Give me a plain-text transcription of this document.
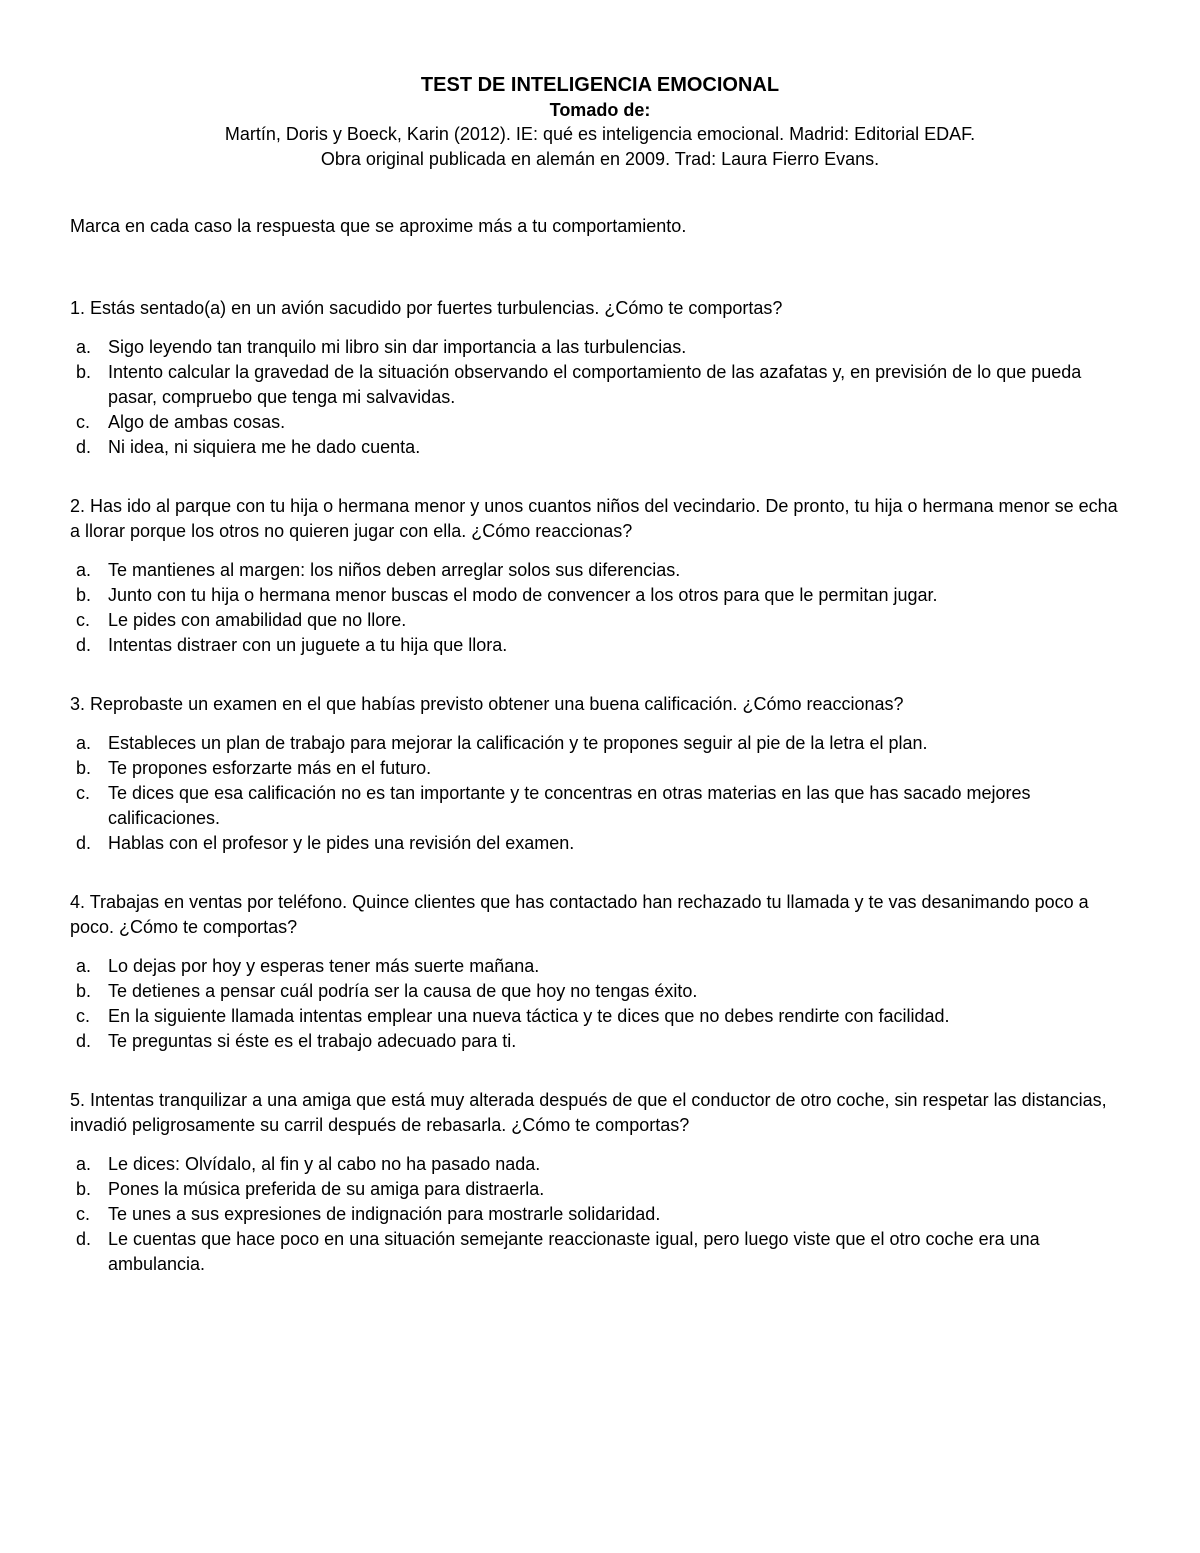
TEST DE INTELIGENCIA EMOCIONAL

Tomado de:

Martín, Doris y Boeck, Karin (2012). IE: qué es inteligencia emocional. Madrid: Editorial EDAF.

Obra original publicada en alemán en 2009. Trad: Laura Fierro Evans.

Marca en cada caso la respuesta que se aproxime más a tu comportamiento.

1. Estás sentado(a) en un avión sacudido por fuertes turbulencias. ¿Cómo te comportas?

a. Sigo leyendo tan tranquilo mi libro sin dar importancia a las turbulencias.
b. Intento calcular la gravedad de la situación observando el comportamiento de las azafatas y, en previsión de lo que pueda pasar, compruebo que tenga mi salvavidas.
c. Algo de ambas cosas.
d. Ni idea, ni siquiera me he dado cuenta.

2. Has ido al parque con tu hija o hermana menor y unos cuantos niños del vecindario. De pronto, tu hija o hermana menor se echa a llorar porque los otros no quieren jugar con ella. ¿Cómo reaccionas?

a. Te mantienes al margen: los niños deben arreglar solos sus diferencias.
b. Junto con tu hija o hermana menor buscas el modo de convencer a los otros para que le permitan jugar.
c. Le pides con amabilidad que no llore.
d. Intentas distraer con un juguete a tu hija que llora.

3. Reprobaste un examen en el que habías previsto obtener una buena calificación. ¿Cómo reaccionas?

a. Estableces un plan de trabajo para mejorar la calificación y te propones seguir al pie de la letra el plan.
b. Te propones esforzarte más en el futuro.
c. Te dices que esa calificación no es tan importante y te concentras en otras materias en las que has sacado mejores calificaciones.
d. Hablas con el profesor y le pides una revisión del examen.

4. Trabajas en ventas por teléfono. Quince clientes que has contactado han rechazado tu llamada y te vas desanimando poco a poco. ¿Cómo te comportas?

a. Lo dejas por hoy y esperas tener más suerte mañana.
b. Te detienes a pensar cuál podría ser la causa de que hoy no tengas éxito.
c. En la siguiente llamada intentas emplear una nueva táctica y te dices que no debes rendirte con facilidad.
d. Te preguntas si éste es el trabajo adecuado para ti.

5. Intentas tranquilizar a una amiga que está muy alterada después de que el conductor de otro coche, sin respetar las distancias, invadió peligrosamente su carril después de rebasarla. ¿Cómo te comportas?

a. Le dices: Olvídalo, al fin y al cabo no ha pasado nada.
b. Pones la música preferida de su amiga para distraerla.
c. Te unes a sus expresiones de indignación para mostrarle solidaridad.
d. Le cuentas que hace poco en una situación semejante reaccionaste igual, pero luego viste que el otro coche era una ambulancia.
